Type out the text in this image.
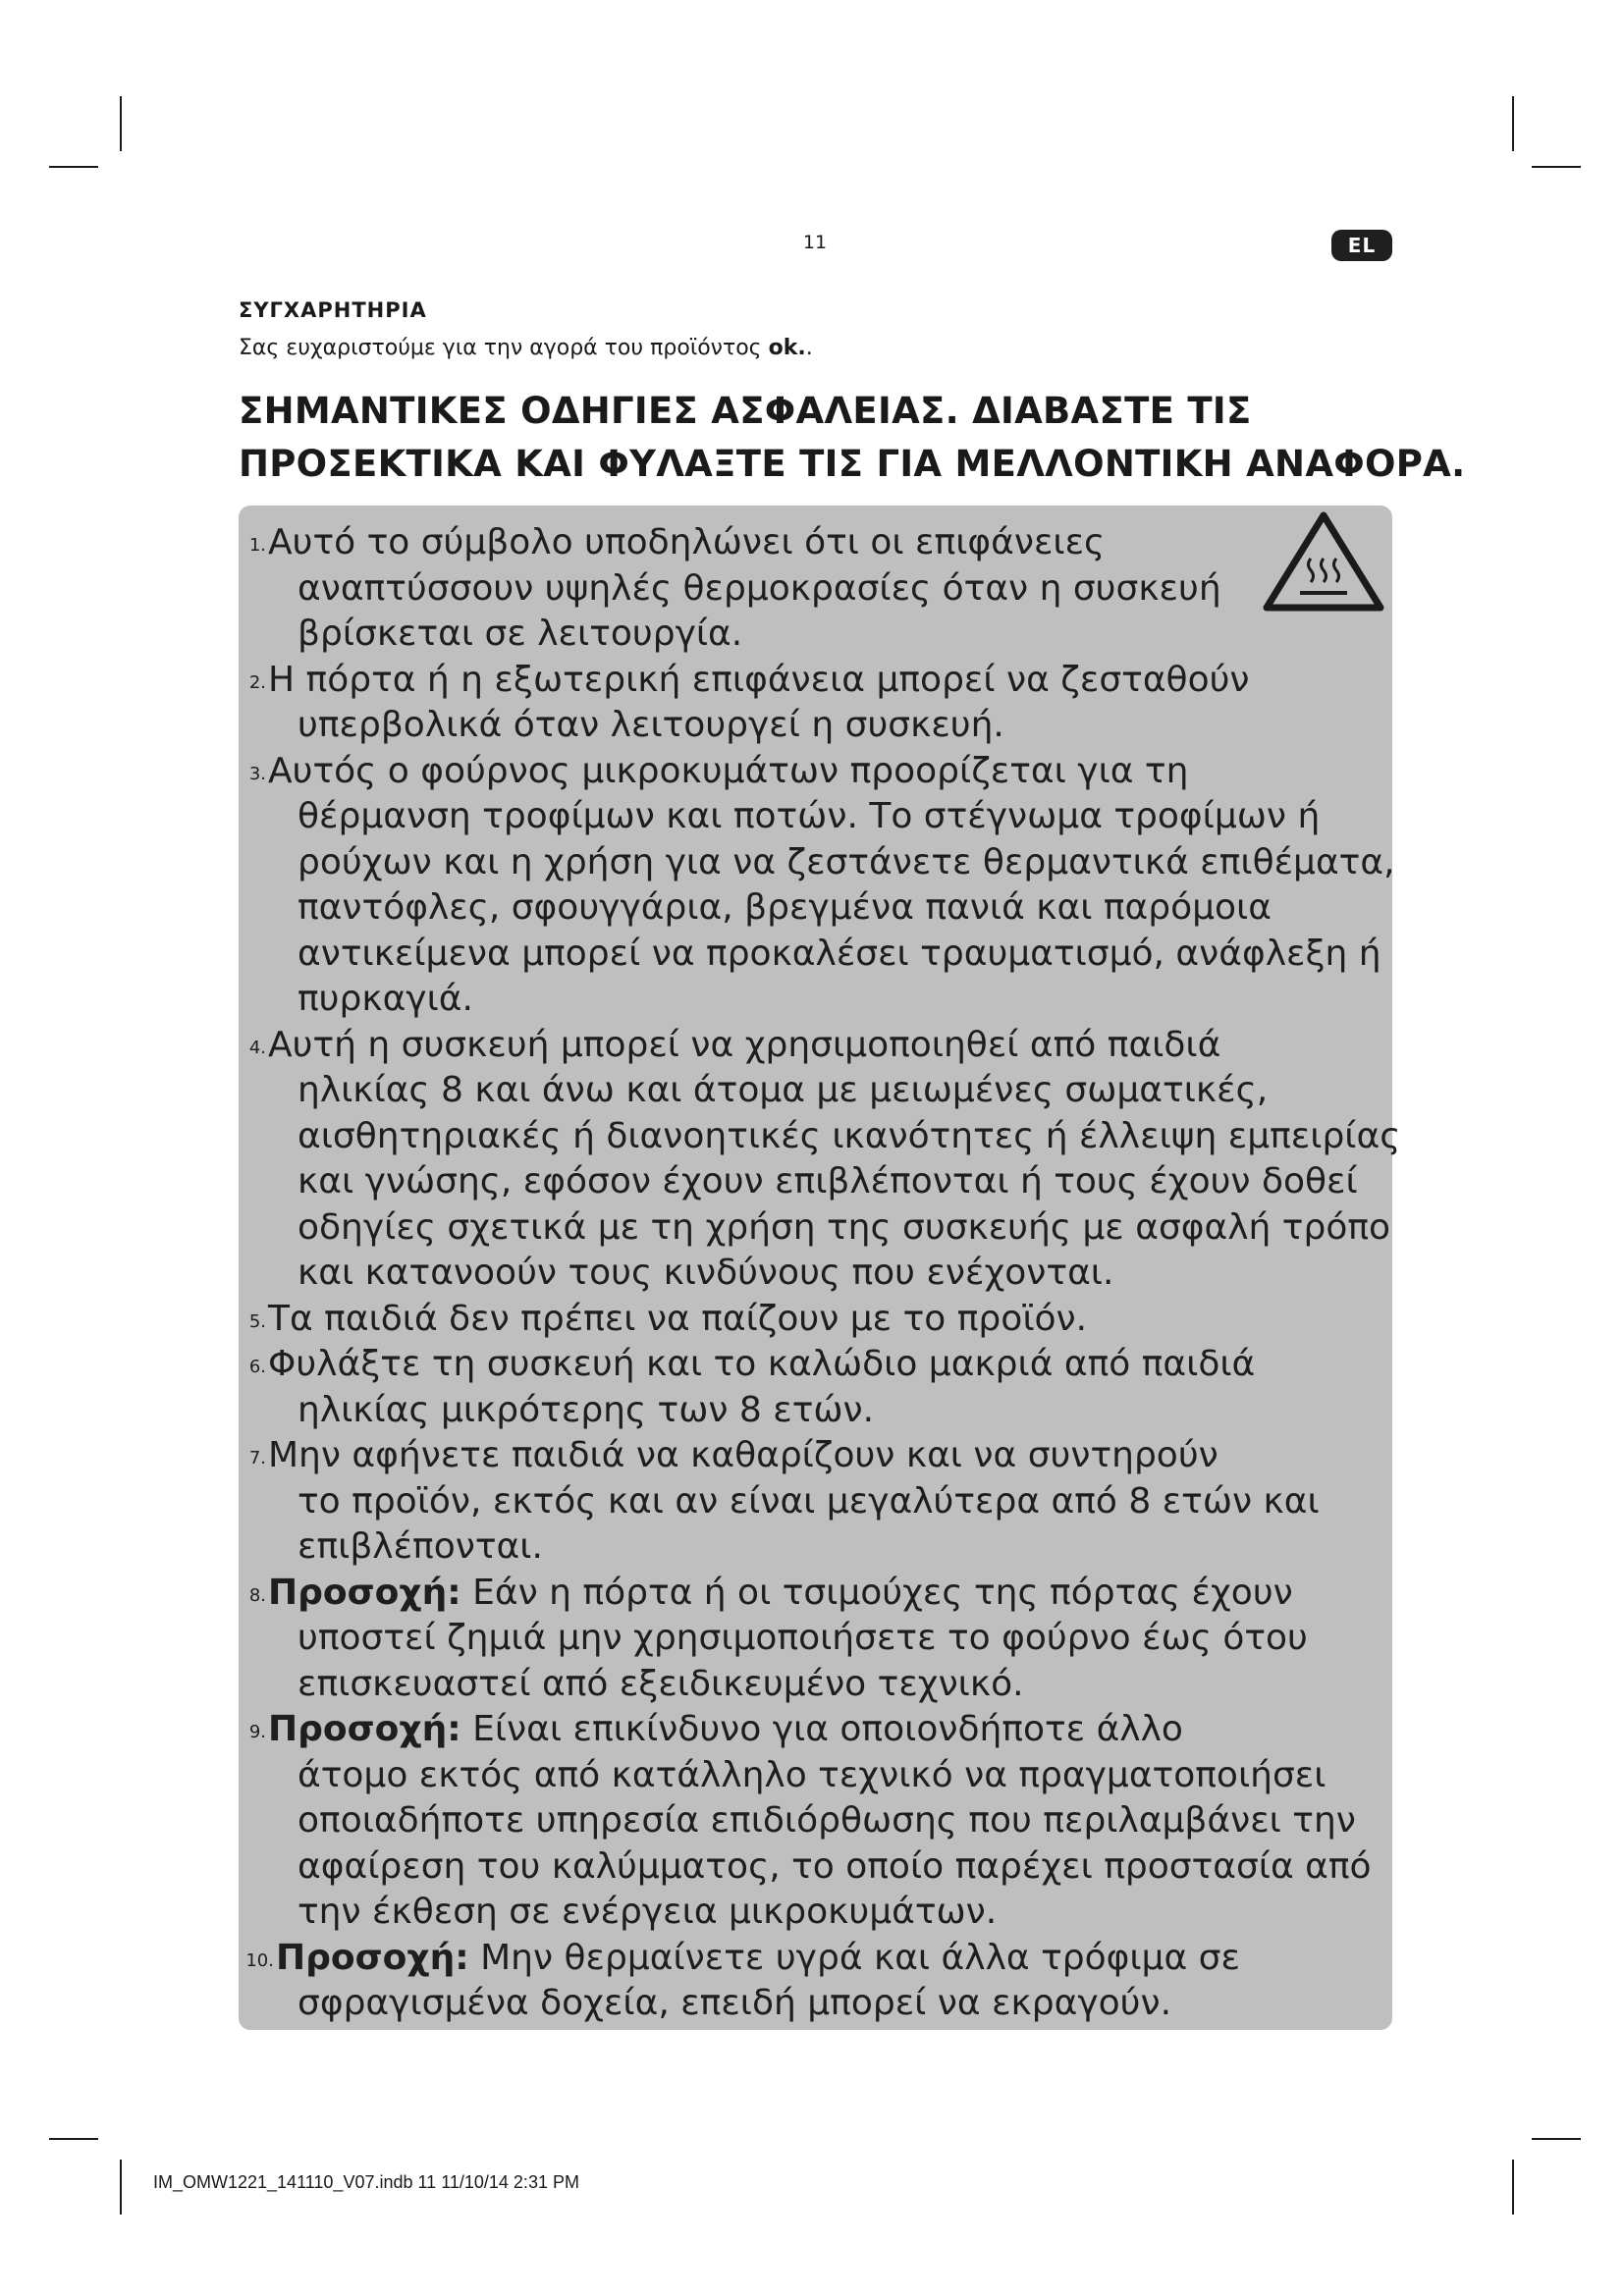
11	EL
ΣΥΓΧΑΡΗΤΗΡΙΑ
Σας ευχαριστούμε για την αγορά του προϊόντος ok..
ΣΗΜΑΝΤΙΚΕΣ ΟΔΗΓΙΕΣ ΑΣΦΑΛΕΙΑΣ. ΔΙΑΒΑΣΤΕ ΤΙΣ
ΠΡΟΣΕΚΤΙΚΑ ΚΑΙ ΦΥΛΑΞΤΕ ΤΙΣ ΓΙΑ ΜΕΛΛΟΝΤΙΚΗ ΑΝΑΦΟΡΑ.
1. Αυτό το σύμβολο υποδηλώνει ότι οι επιφάνειες
αναπτύσσουν υψηλές θερμοκρασίες όταν η συσκευή
βρίσκεται σε λειτουργία.
2. Η πόρτα ή η εξωτερική επιφάνεια μπορεί να ζεσταθούν
υπερβολικά όταν λειτουργεί η συσκευή.
3. Αυτός ο φούρνος μικροκυμάτων προορίζεται για τη
θέρμανση τροφίμων και ποτών. Το στέγνωμα τροφίμων ή
ρούχων και η χρήση για να ζεστάνετε θερμαντικά επιθέματα,
παντόφλες, σφουγγάρια, βρεγμένα πανιά και παρόμοια
αντικείμενα μπορεί να προκαλέσει τραυματισμό, ανάφλεξη ή
πυρκαγιά.
4. Αυτή η συσκευή μπορεί να χρησιμοποιηθεί από παιδιά
ηλικίας 8 και άνω και άτομα με μειωμένες σωματικές,
αισθητηριακές ή διανοητικές ικανότητες ή έλλειψη εμπειρίας
και γνώσης, εφόσον έχουν επιβλέπονται ή τους έχουν δοθεί
οδηγίες σχετικά με τη χρήση της συσκευής με ασφαλή τρόπο
και κατανοούν τους κινδύνους που ενέχονται.
5. Τα παιδιά δεν πρέπει να παίζουν με το προϊόν.
6. Φυλάξτε τη συσκευή και το καλώδιο μακριά από παιδιά
ηλικίας μικρότερης των 8 ετών.
7. Μην αφήνετε παιδιά να καθαρίζουν και να συντηρούν
το προϊόν, εκτός και αν είναι μεγαλύτερα από 8 ετών και
επιβλέπονται.
8. Προσοχή: Εάν η πόρτα ή οι τσιμούχες της πόρτας έχουν
υποστεί ζημιά μην χρησιμοποιήσετε το φούρνο έως ότου
επισκευαστεί από εξειδικευμένο τεχνικό.
9. Προσοχή: Είναι επικίνδυνο για οποιονδήποτε άλλο
άτομο εκτός από κατάλληλο τεχνικό να πραγματοποιήσει
οποιαδήποτε υπηρεσία επιδιόρθωσης που περιλαμβάνει την
αφαίρεση του καλύμματος, το οποίο παρέχει προστασία από
την έκθεση σε ενέργεια μικροκυμάτων.
10. Προσοχή: Μην θερμαίνετε υγρά και άλλα τρόφιμα σε
σφραγισμένα δοχεία, επειδή μπορεί να εκραγούν.
IM_OMW1221_141110_V07.indb 11 11/10/14 2:31 PM
